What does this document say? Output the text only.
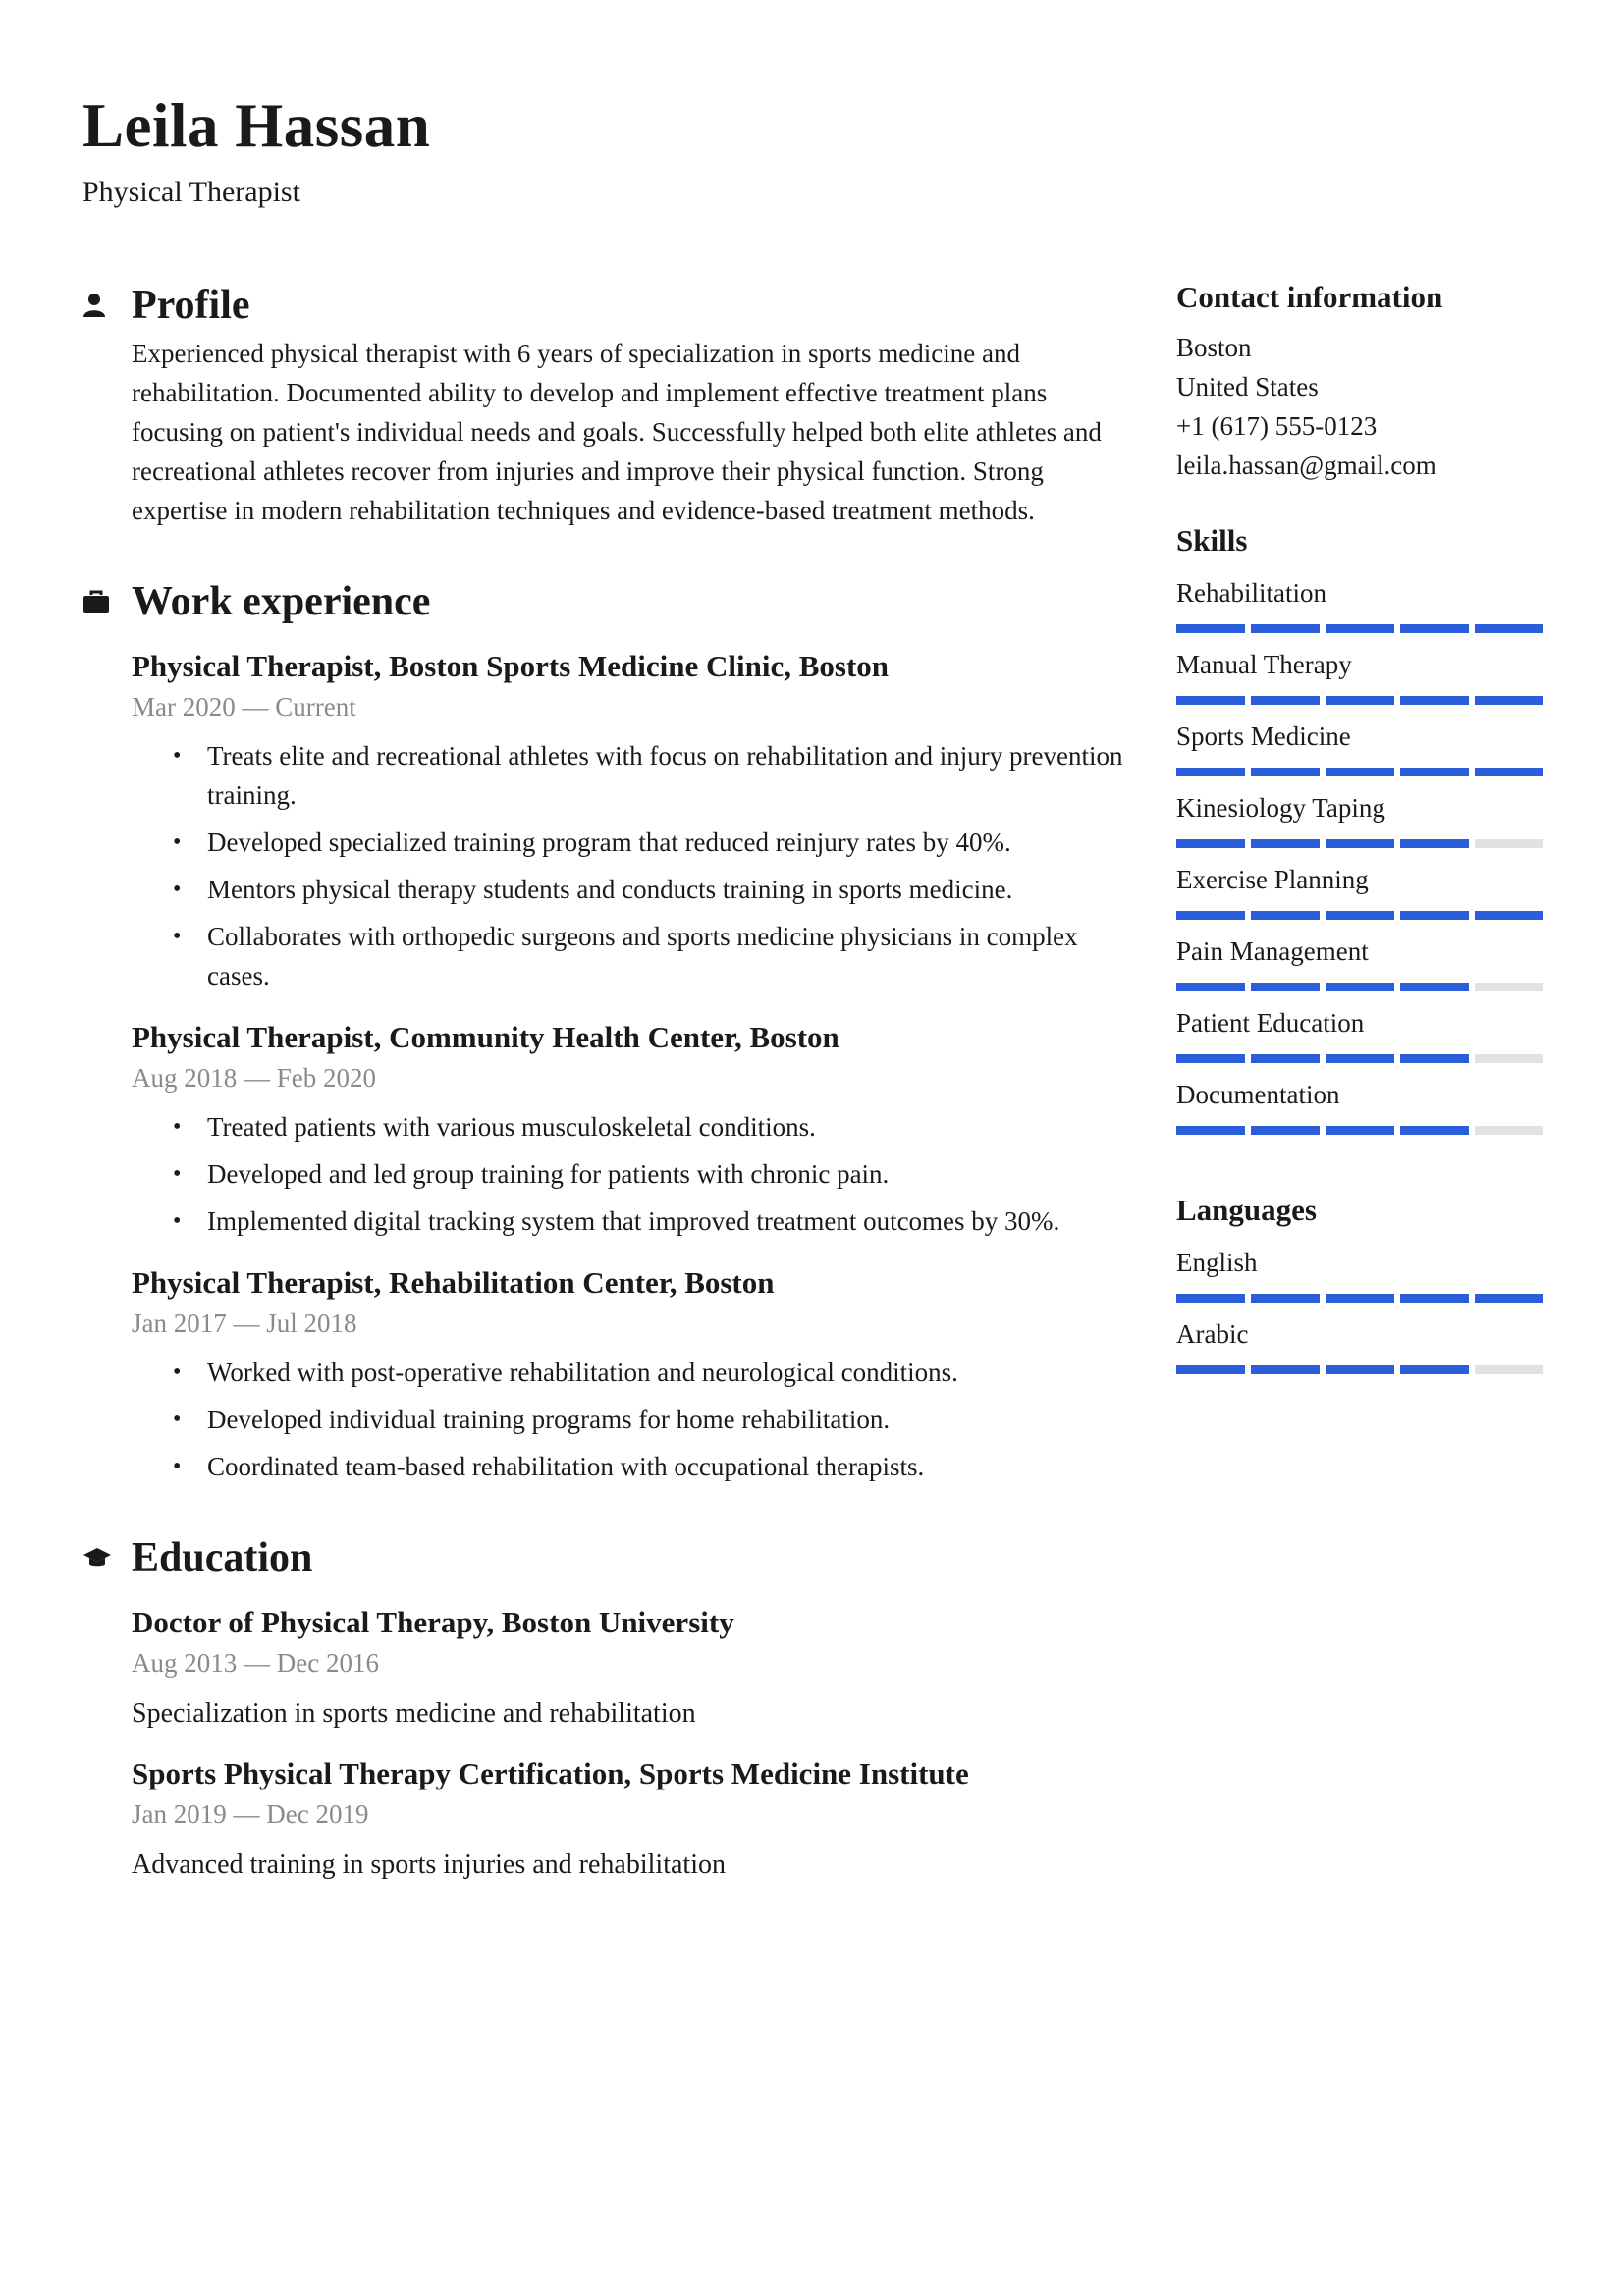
Leila Hassan
Physical Therapist
Profile

Experienced physical therapist with 6 years of specialization in sports medicine and rehabilitation. Documented ability to develop and implement effective treatment plans focusing on patient's individual needs and goals. Successfully helped both elite athletes and recreational athletes recover from injuries and improve their physical function. Strong expertise in modern rehabilitation techniques and evidence-based treatment methods.

Work experience
Physical Therapist, Boston Sports Medicine Clinic, Boston
Mar 2020 — Current
• Treats elite and recreational athletes with focus on rehabilitation and injury prevention training.
• Developed specialized training program that reduced reinjury rates by 40%.
• Mentors physical therapy students and conducts training in sports medicine.
• Collaborates with orthopedic surgeons and sports medicine physicians in complex cases.
Physical Therapist, Community Health Center, Boston
Aug 2018 — Feb 2020
• Treated patients with various musculoskeletal conditions.
• Developed and led group training for patients with chronic pain.
• Implemented digital tracking system that improved treatment outcomes by 30%.
Physical Therapist, Rehabilitation Center, Boston
Jan 2017 — Jul 2018
• Worked with post-operative rehabilitation and neurological conditions.
• Developed individual training programs for home rehabilitation.
• Coordinated team-based rehabilitation with occupational therapists.
Education
Doctor of Physical Therapy, Boston University
Aug 2013 — Dec 2016
Specialization in sports medicine and rehabilitation
Sports Physical Therapy Certification, Sports Medicine Institute
Jan 2019 — Dec 2019
Advanced training in sports injuries and rehabilitation
Contact information
Boston
United States
+1 (617) 555-0123
leila.hassan@gmail.com
Skills
Rehabilitation
Manual Therapy
Sports Medicine
Kinesiology Taping
Exercise Planning
Pain Management
Patient Education
Documentation
Languages
English
Arabic
